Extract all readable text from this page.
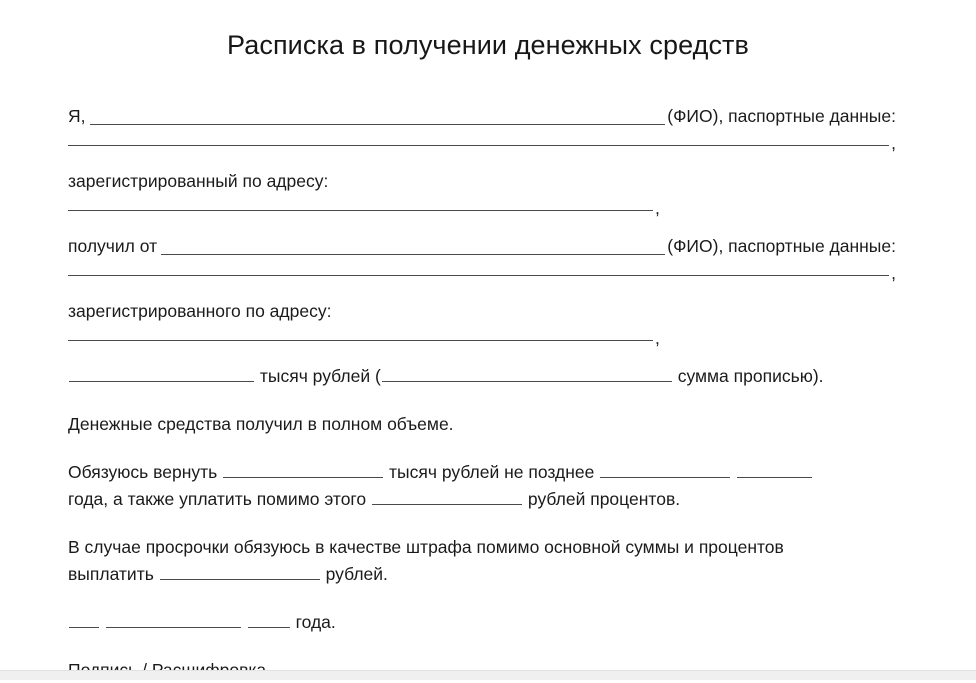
Расписка в получении денежных средств
Я,	(ФИО), паспортные данные:
,
зарегистрированный по адресу:
,
получил от	(ФИО), паспортные данные:
,
зарегистрированного по адресу:
,
тысяч рублей (	сумма прописью).
Денежные средства получил в полном объеме.
Обязуюсь вернуть	тысяч рублей не позднее
года, а также уплатить помимо этого	рублей процентов.
В случае просрочки обязуюсь в качестве штрафа помимо основной суммы и процентов
выплатить	рублей.
года.
